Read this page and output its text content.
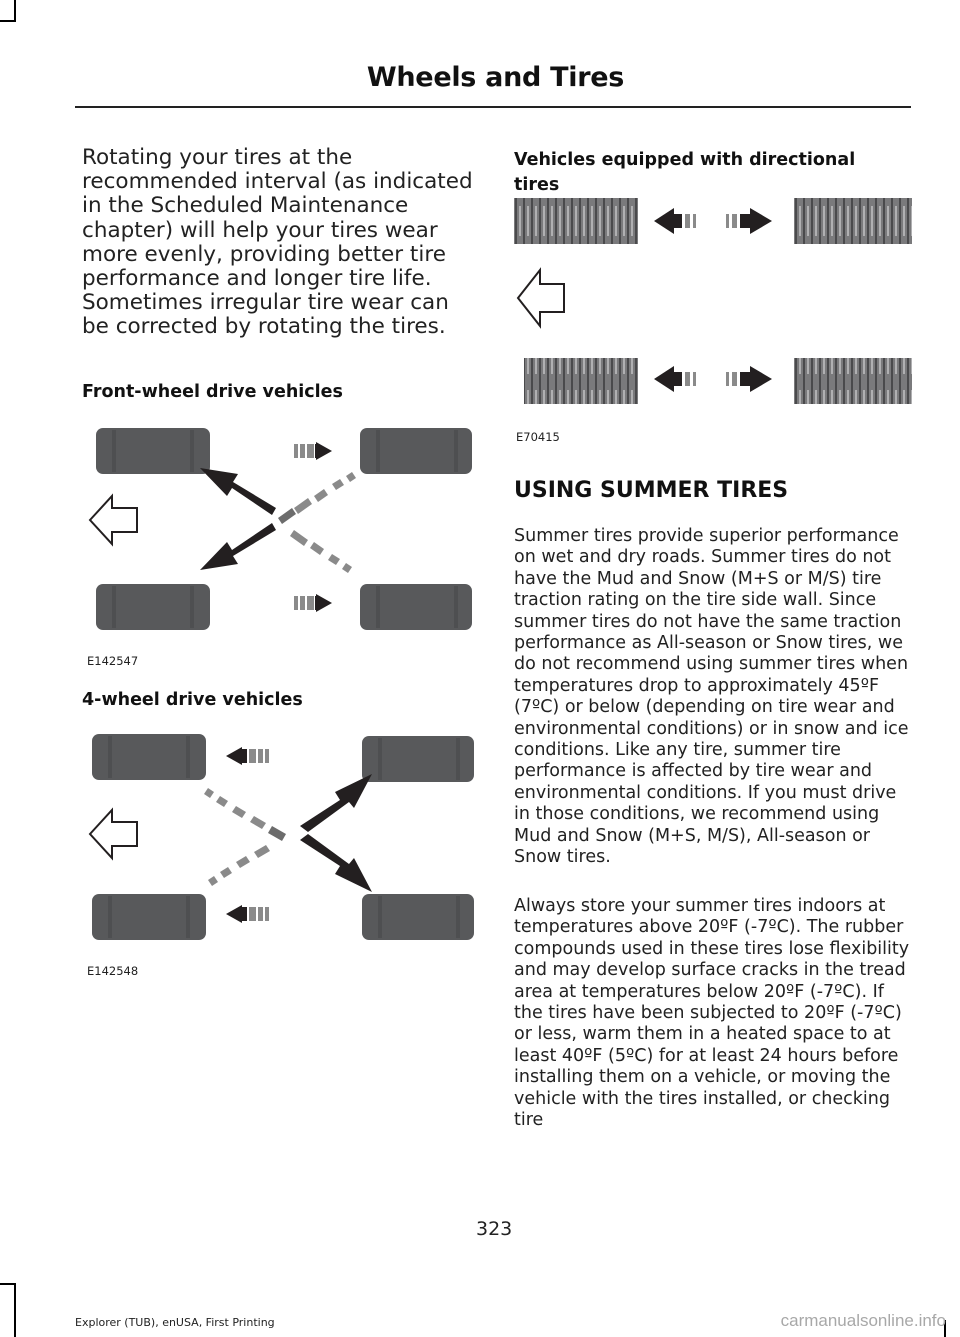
Wheels and Tires

Rotating your tires at the recommended interval (as indicated in the Scheduled Maintenance chapter) will help your tires wear more evenly, providing better tire performance and longer tire life. Sometimes irregular tire wear can be corrected by rotating the tires.

Front-wheel drive vehicles

E142547

4-wheel drive vehicles

E142548

Vehicles equipped with directional tires

E70415
USING SUMMER TIRES

Summer tires provide superior performance on wet and dry roads. Summer tires do not have the Mud and Snow (M+S or M/S) tire traction rating on the tire side wall. Since summer tires do not have the same traction performance as All-season or Snow tires, we do not recommend using summer tires when temperatures drop to approximately 45ºF (7ºC) or below (depending on tire wear and environmental conditions) or in snow and ice conditions. Like any tire, summer tire performance is affected by tire wear and environmental conditions. If you must drive in those conditions, we recommend using Mud and Snow (M+S, M/S), All-season or Snow tires.

Always store your summer tires indoors at temperatures above 20ºF (-7ºC). The rubber compounds used in these tires lose flexibility and may develop surface cracks in the tread area at temperatures below 20ºF (-7ºC). If the tires have been subjected to 20ºF (-7ºC) or less, warm them in a heated space to at least 40ºF (5ºC) for at least 24 hours before installing them on a vehicle, or moving the vehicle with the tires installed, or checking tire

323
Explorer (TUB), enUSA, First Printing	carmanualsonline.info
